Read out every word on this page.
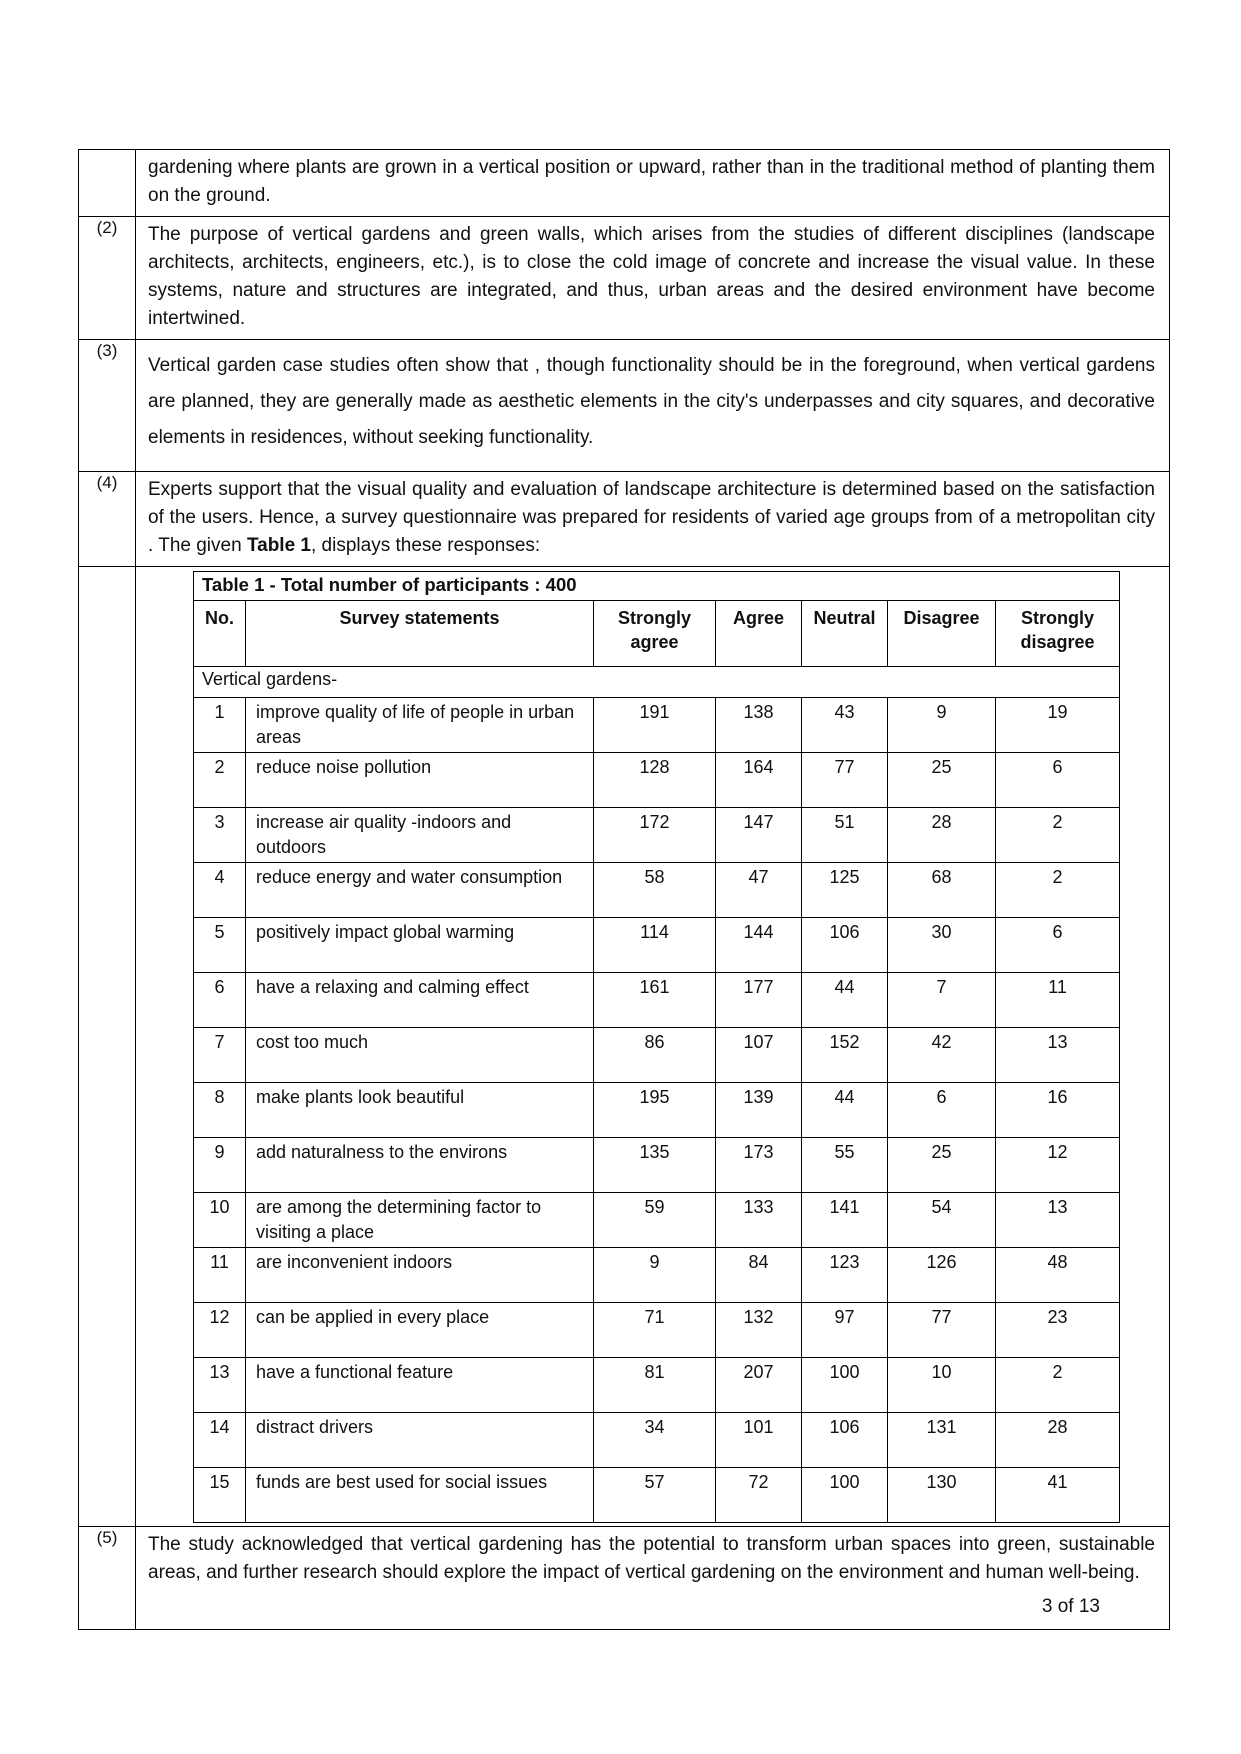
	gardening where plants are grown in a vertical position or upward, rather than in the traditional method of planting them on the ground.
(2)	The purpose of vertical gardens and green walls, which arises from the studies of different disciplines (landscape architects, architects, engineers, etc.), is to close the cold image of concrete and increase the visual value. In these systems, nature and structures are integrated, and thus, urban areas and the desired environment have become intertwined.
(3)	Vertical garden case studies often show that , though functionality should be in the foreground, when vertical gardens are planned, they are generally made as aesthetic elements in the city's underpasses and city squares, and decorative elements in residences, without seeking functionality.
(4)	Experts support that the visual quality and evaluation of landscape architecture is determined based on the satisfaction of the users. Hence, a survey questionnaire was prepared for residents of varied age groups from of a metropolitan city . The given Table 1, displays these responses:

Table 1 - Total number of participants : 400
No.	Survey statements	Strongly agree	Agree	Neutral	Disagree	Strongly disagree
Vertical gardens-
1	improve quality of life of people in urban areas	191	138	43	9	19
2	reduce noise pollution	128	164	77	25	6
3	increase air quality -indoors and outdoors	172	147	51	28	2
4	reduce energy and water consumption	58	47	125	68	2
5	positively impact global warming	114	144	106	30	6
6	have a relaxing and calming effect	161	177	44	7	11
7	cost too much	86	107	152	42	13
8	make plants look beautiful	195	139	44	6	16
9	add naturalness to the environs	135	173	55	25	12
10	are among the determining factor to visiting a place	59	133	141	54	13
11	are inconvenient indoors	9	84	123	126	48
12	can be applied in every place	71	132	97	77	23
13	have a functional feature	81	207	100	10	2
14	distract drivers	34	101	106	131	28
15	funds are best used for social issues	57	72	100	130	41

(5)	The study acknowledged that vertical gardening has the potential to transform urban spaces into green, sustainable areas, and further research should explore the impact of vertical gardening on the environment and human well-being.
3 of 13
